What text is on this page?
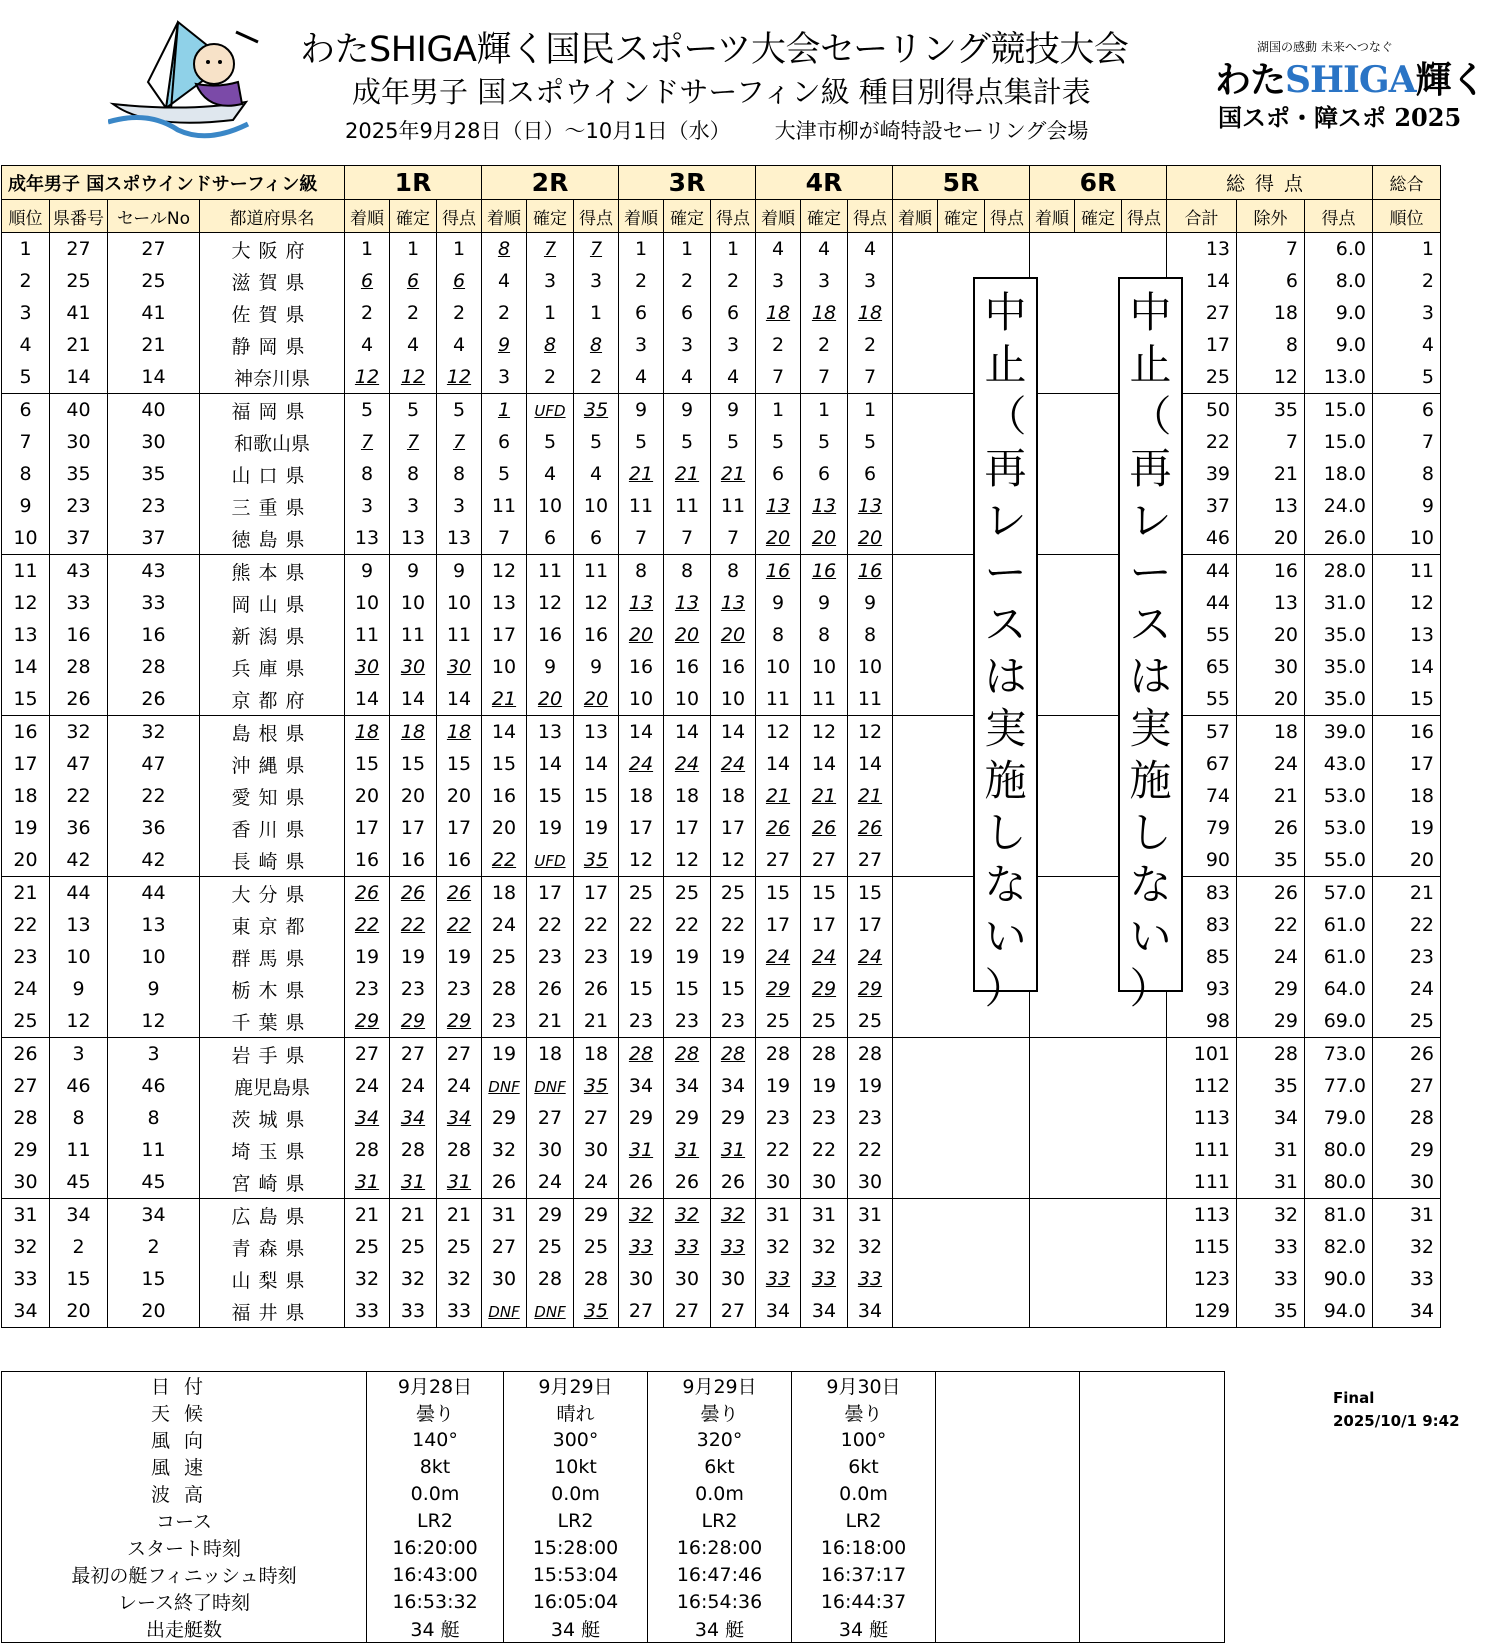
わたSHIGA輝く国民スポーツ大会セーリング競技大会
成年男子 国スポウインドサーフィン級 種目別得点集計表
2025年9月28日（日）～10月1日（水） 大津市柳が崎特設セーリング会場
湖国の感動 未来へつなぐ
わたSHIGA輝く
国スポ・障スポ 2025
成年男子 国スポウインドサーフィン級				1R			2R			3R			4R			5R			6R			総得点			総合
順位	県番号	セールNo	都道府県名	着順	確定	得点	着順	確定	得点	着順	確定	得点	着順	確定	得点	着順	確定	得点	着順	確定	得点	合計	除外	得点	順位
1	27	27	大阪府	1	1	1	8	7	7	1	1	1	4	4	4							13	7	6.0	1
2	25	25	滋賀県	6	6	6	4	3	3	2	2	2	3	3	3							14	6	8.0	2
3	41	41	佐賀県	2	2	2	2	1	1	6	6	6	18	18	18							27	18	9.0	3
4	21	21	静岡県	4	4	4	9	8	8	3	3	3	2	2	2							17	8	9.0	4
5	14	14	神奈川県	12	12	12	3	2	2	4	4	4	7	7	7							25	12	13.0	5
6	40	40	福岡県	5	5	5	1	UFD	35	9	9	9	1	1	1							50	35	15.0	6
7	30	30	和歌山県	7	7	7	6	5	5	5	5	5	5	5	5							22	7	15.0	7
8	35	35	山口県	8	8	8	5	4	4	21	21	21	6	6	6							39	21	18.0	8
9	23	23	三重県	3	3	3	11	10	10	11	11	11	13	13	13							37	13	24.0	9
10	37	37	徳島県	13	13	13	7	6	6	7	7	7	20	20	20							46	20	26.0	10
11	43	43	熊本県	9	9	9	12	11	11	8	8	8	16	16	16							44	16	28.0	11
12	33	33	岡山県	10	10	10	13	12	12	13	13	13	9	9	9							44	13	31.0	12
13	16	16	新潟県	11	11	11	17	16	16	20	20	20	8	8	8							55	20	35.0	13
14	28	28	兵庫県	30	30	30	10	9	9	16	16	16	10	10	10							65	30	35.0	14
15	26	26	京都府	14	14	14	21	20	20	10	10	10	11	11	11							55	20	35.0	15
16	32	32	島根県	18	18	18	14	13	13	14	14	14	12	12	12							57	18	39.0	16
17	47	47	沖縄県	15	15	15	15	14	14	24	24	24	14	14	14							67	24	43.0	17
18	22	22	愛知県	20	20	20	16	15	15	18	18	18	21	21	21							74	21	53.0	18
19	36	36	香川県	17	17	17	20	19	19	17	17	17	26	26	26							79	26	53.0	19
20	42	42	長崎県	16	16	16	22	UFD	35	12	12	12	27	27	27							90	35	55.0	20
21	44	44	大分県	26	26	26	18	17	17	25	25	25	15	15	15							83	26	57.0	21
22	13	13	東京都	22	22	22	24	22	22	22	22	22	17	17	17							83	22	61.0	22
23	10	10	群馬県	19	19	19	25	23	23	19	19	19	24	24	24							85	24	61.0	23
24	9	9	栃木県	23	23	23	28	26	26	15	15	15	29	29	29							93	29	64.0	24
25	12	12	千葉県	29	29	29	23	21	21	23	23	23	25	25	25							98	29	69.0	25
26	3	3	岩手県	27	27	27	19	18	18	28	28	28	28	28	28							101	28	73.0	26
27	46	46	鹿児島県	24	24	24	DNF	DNF	35	34	34	34	19	19	19							112	35	77.0	27
28	8	8	茨城県	34	34	34	29	27	27	29	29	29	23	23	23							113	34	79.0	28
29	11	11	埼玉県	28	28	28	32	30	30	31	31	31	22	22	22							111	31	80.0	29
30	45	45	宮崎県	31	31	31	26	24	24	26	26	26	30	30	30							111	31	80.0	30
31	34	34	広島県	21	21	21	31	29	29	32	32	32	31	31	31							113	32	81.0	31
32	2	2	青森県	25	25	25	27	25	25	33	33	33	32	32	32							115	33	82.0	32
33	15	15	山梨県	32	32	32	30	28	28	30	30	30	33	33	33							123	33	90.0	33
34	20	20	福井県	33	33	33	DNF	DNF	35	27	27	27	34	34	34							129	35	94.0	34
中
止
（
再
レ
ー
ス
は
実
施
し
な
い
）
中
止
（
再
レ
ー
ス
は
実
施
し
な
い
）
日付	9月28日	9月29日	9月29日	9月30日		
天候	曇り	晴れ	曇り	曇り		
風向	140°	300°	320°	100°		
風速	8kt	10kt	6kt	6kt		
波高	0.0m	0.0m	0.0m	0.0m		
コース	LR2	LR2	LR2	LR2		
スタート時刻	16:20:00	15:28:00	16:28:00	16:18:00		
最初の艇フィニッシュ時刻	16:43:00	15:53:04	16:47:46	16:37:17		
レース終了時刻	16:53:32	16:05:04	16:54:36	16:44:37		
出走艇数	34 艇	34 艇	34 艇	34 艇		
Final
2025/10/1 9:42
